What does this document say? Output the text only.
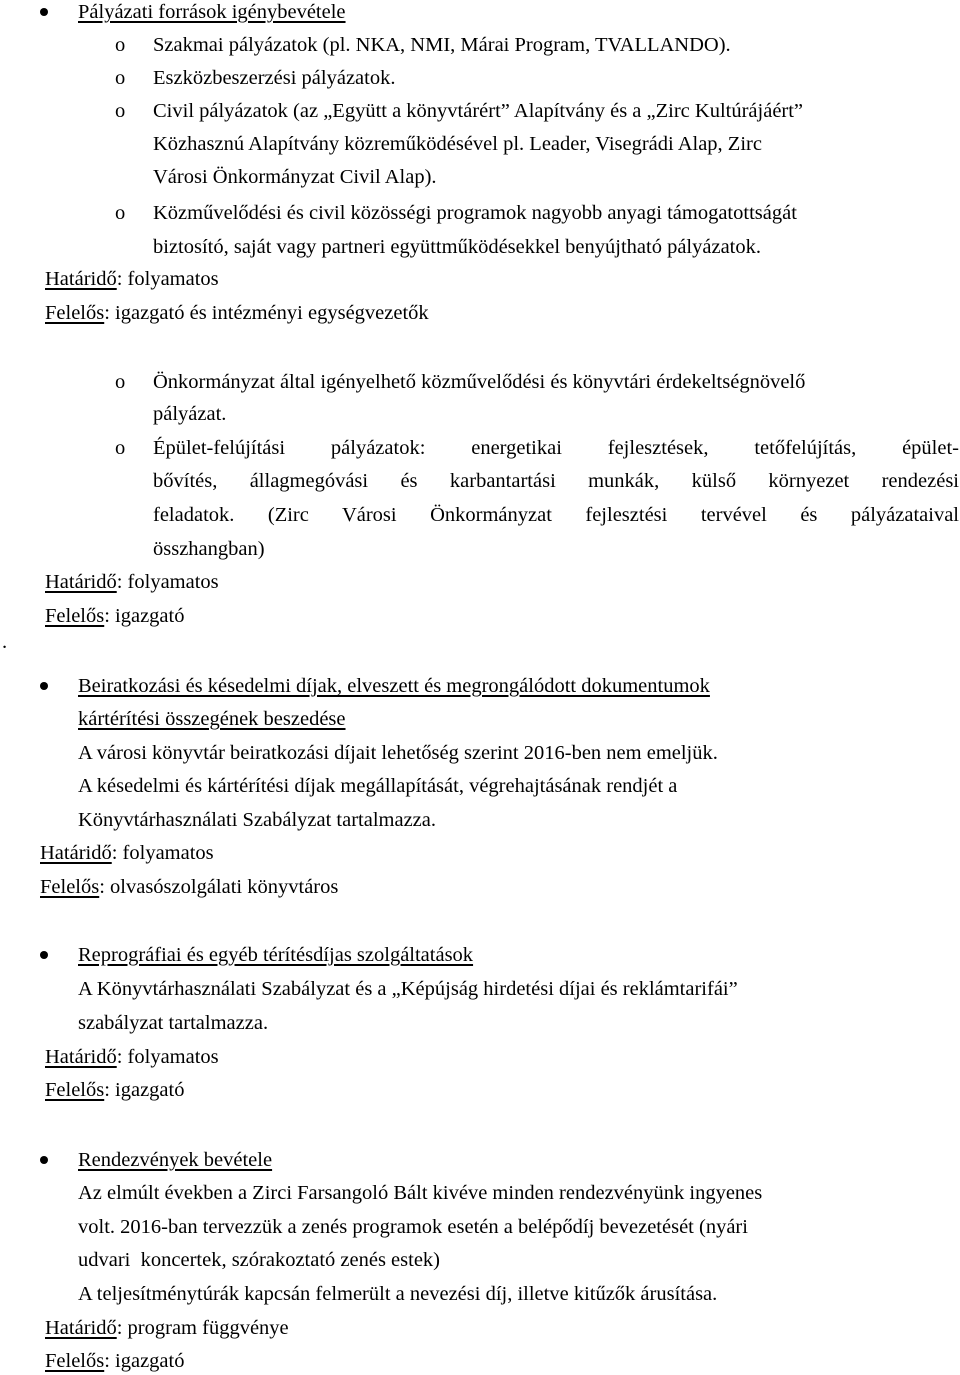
Pályázati források igénybevétele
o Szakmai pályázatok (pl. NKA, NMI, Márai Program, TVALLANDO).
o Eszközbeszerzési pályázatok.
o Civil pályázatok (az „Együtt a könyvtárért” Alapítvány és a „Zirc Kultúrájáért”
Közhasznú Alapítvány közreműködésével pl. Leader, Visegrádi Alap, Zirc
Városi Önkormányzat Civil Alap).
o Közművelődési és civil közösségi programok nagyobb anyagi támogatottságát
biztosító, saját vagy partneri együttműködésekkel benyújtható pályázatok.
Határidő: folyamatos
Felelős: igazgató és intézményi egységvezetők
o Önkormányzat által igényelhető közművelődési és könyvtári érdekeltségnövelő
pályázat.
o Épület-felújítási pályázatok: energetikai fejlesztések, tetőfelújítás, épület-
bővítés, állagmegóvási és karbantartási munkák, külső környezet rendezési
feladatok. (Zirc Városi Önkormányzat fejlesztési tervével és pályázataival
összhangban)
Határidő: folyamatos
Felelős: igazgató
.
Beiratkozási és késedelmi díjak, elveszett és megrongálódott dokumentumok
kártérítési összegének beszedése
A városi könyvtár beiratkozási díjait lehetőség szerint 2016-ben nem emeljük.
A késedelmi és kártérítési díjak megállapítását, végrehajtásának rendjét a
Könyvtárhasználati Szabályzat tartalmazza.
Határidő: folyamatos
Felelős: olvasószolgálati könyvtáros
Reprográfiai és egyéb térítésdíjas szolgáltatások
A Könyvtárhasználati Szabályzat és a „Képújság hirdetési díjai és reklámtarifái”
szabályzat tartalmazza.
Határidő: folyamatos
Felelős: igazgató
Rendezvények bevétele
Az elmúlt években a Zirci Farsangoló Bált kivéve minden rendezvényünk ingyenes
volt. 2016-ban tervezzük a zenés programok esetén a belépődíj bevezetését (nyári
udvari  koncertek, szórakoztató zenés estek)
A teljesítménytúrák kapcsán felmerült a nevezési díj, illetve kitűzők árusítása.
Határidő: program függvénye
Felelős: igazgató
